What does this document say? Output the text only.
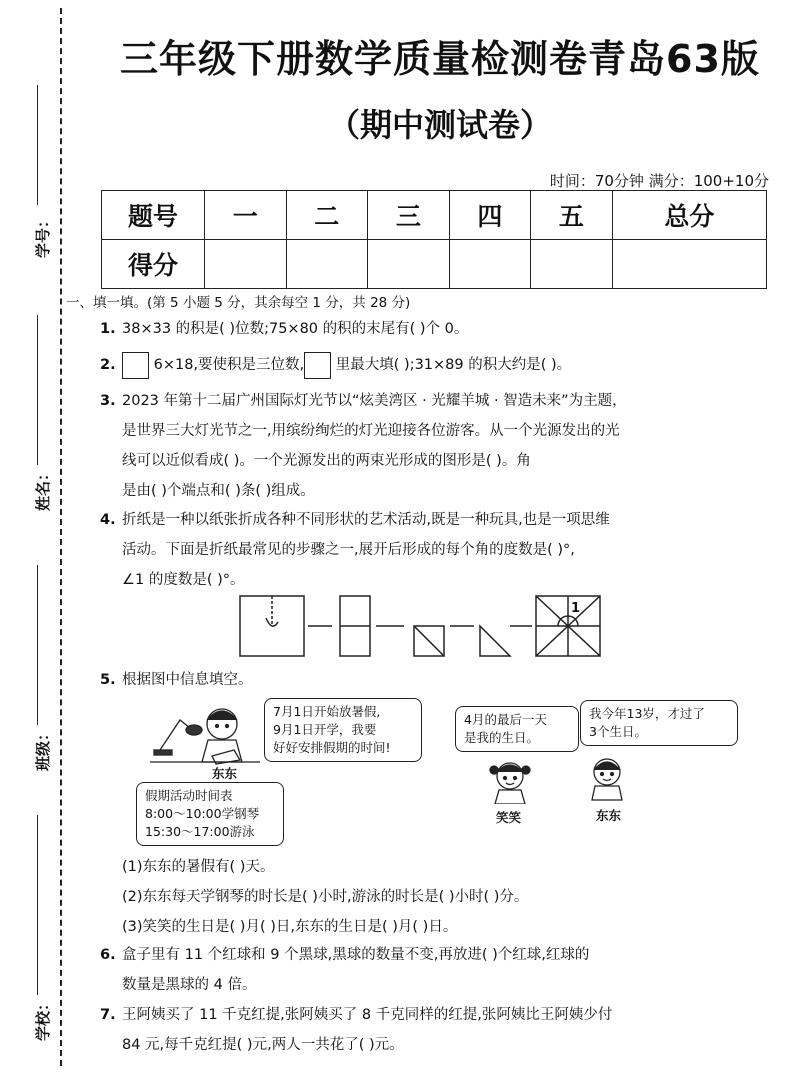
学号：
姓名：
班级：
学校：
三年级下册数学质量检测卷青岛63版
（期中测试卷）
时间：70分钟 满分：100+10分
题号	一	二	三	四	五	总分
得分						
一、填一填。(第 5 小题 5 分，其余每空 1 分，共 28 分)
1. 38×33 的积是( )位数;75×80 的积的末尾有( )个 0。
2.	6×18,要使积是三位数, 里最大填( );31×89 的积大约是( )。
3. 2023 年第十二届广州国际灯光节以“炫美湾区 · 光耀羊城 · 智造未来”为主题，
是世界三大灯光节之一,用缤纷绚烂的灯光迎接各位游客。从一个光源发出的光
线可以近似看成( )。一个光源发出的两束光形成的图形是( )。角
是由( )个端点和( )条( )组成。
4. 折纸是一种以纸张折成各种不同形状的艺术活动,既是一种玩具,也是一项思维
活动。下面是折纸最常见的步骤之一,展开后形成的每个角的度数是( )°,
∠1 的度数是( )°。
1
5. 根据图中信息填空。
东东
7月1日开始放暑假,
9月1日开学，我要
好好安排假期的时间!
假期活动时间表
8:00～10:00学钢琴
15:30～17:00游泳
4月的最后一天
是我的生日。
笑笑
我今年13岁，才过了
3个生日。
东东
(1)东东的暑假有( )天。
(2)东东每天学钢琴的时长是( )小时,游泳的时长是( )小时( )分。
(3)笑笑的生日是( )月( )日,东东的生日是( )月( )日。
6. 盒子里有 11 个红球和 9 个黑球,黑球的数量不变,再放进( )个红球,红球的
数量是黑球的 4 倍。
7. 王阿姨买了 11 千克红提,张阿姨买了 8 千克同样的红提,张阿姨比王阿姨少付
84 元,每千克红提( )元,两人一共花了( )元。
